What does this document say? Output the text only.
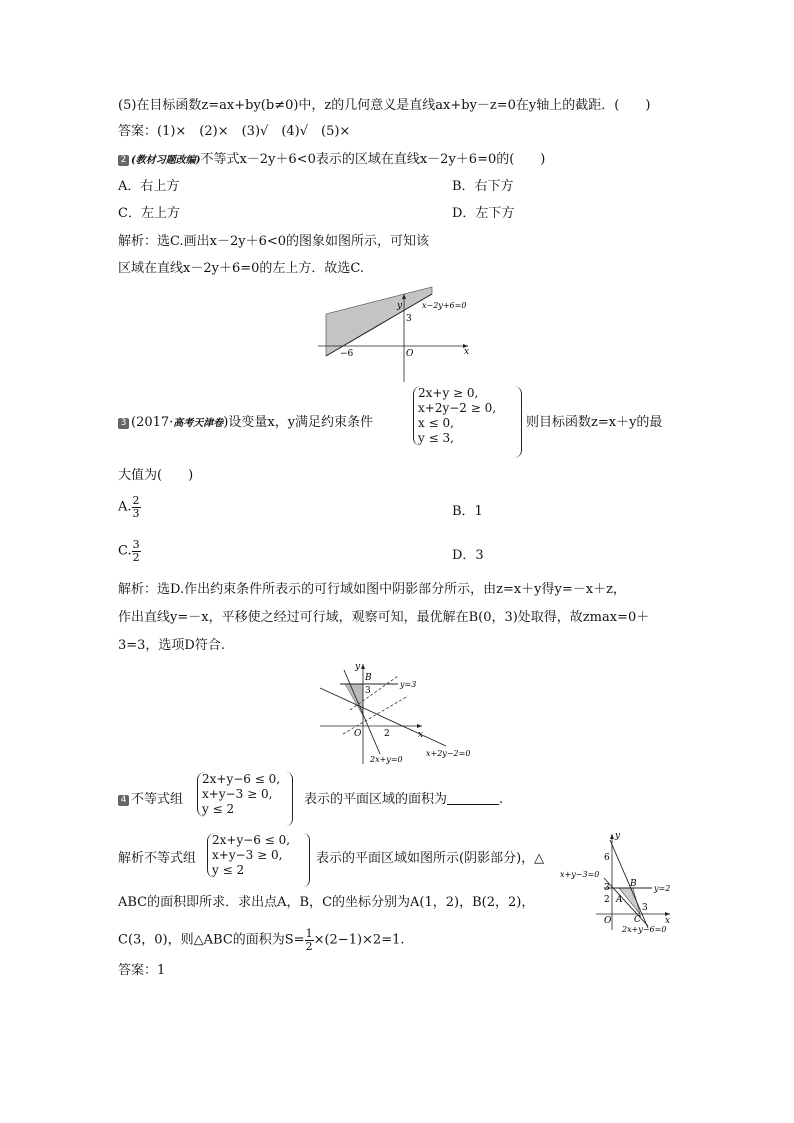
(5)在目标函数z=ax+by(b≠0)中，z的几何意义是直线ax+by－z=0在y轴上的截距．(　　)
答案：(1)×　(2)×　(3)√　(4)√　(5)×
2 (教材习题改编)不等式x－2y＋6<0表示的区域在直线x－2y＋6=0的(　　)
A．右上方	B．右下方
C．左上方	D．左下方
解析：选C.画出x－2y＋6<0的图象如图所示，可知该
区域在直线x－2y＋6=0的左上方．故选C.
y
x
O
3
−6
x−2y+6=0
3 (2017·高考天津卷)设变量x，y满足约束条件
2x+y ≥ 0,
x+2y−2 ≥ 0,
x ≤ 0,
y ≤ 3,
则目标函数z=x＋y的最
大值为(　　)
A. $\frac{2}{3}$	B．1
C. $\frac{3}{2}$	D．3
解析：选D.作出约束条件所表示的可行域如图中阴影部分所示，由z=x＋y得y=－x＋z，
作出直线y=－x，平移使之经过可行域，观察可知，最优解在B(0，3)处取得，故zmax=0＋
3=3，选项D符合.
y
x
O
B
3
2
y=3
x+2y−2=0
2x+y=0
4 不等式组
2x+y−6 ≤ 0,
x+y−3 ≥ 0,
y ≤ 2
表示的平面区域的面积为	.
解析不等式组
2x+y−6 ≤ 0,
x+y−3 ≥ 0,
y ≤ 2
表示的平面区域如图所示(阴影部分)，△
ABC的面积即所求．求出点A，B，C的坐标分别为A(1，2)，B(2，2)，
C(3，0)，则△ABC的面积为$S= \frac{1}{2} \times(2-1)\times 2=1$.
答案：1
y
x
O
6
3
2
3
A
B
C
x+y−3=0
y=2
2x+y−6=0
